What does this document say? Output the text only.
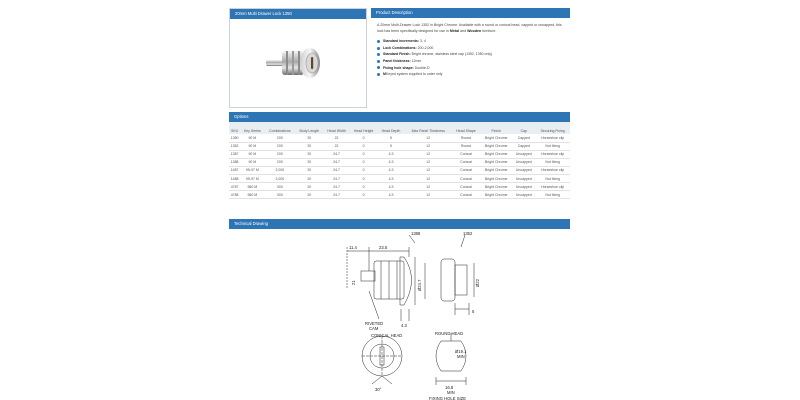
20mm Multi Drawer Lock 1350	Product Description

A 20mm Multi-Drawer Lock 1352 in Bright Chrome. Available with a round or conical head, capped or uncapped, this lock has been specifically designed for use in Metal and Wooden furniture.

Standard increments: 3, 4
Lock Combinations: 200-2,000
Standard Finish: Bright chrome, stainless steel cap (1352, 1350 only)
Panel thickness: 12mm
Fixing hole shape: Double-D
MKeyed system supplied to order only
Options
SKU	Key Series	Combinations	Body Length	Head Width	Head Height	Head Depth	Max Panel Thickness	Head Shape	Finish	Cap	Securing Fixing
1350	90 M	200	20	22	0	5	12	Round	Bright Chrome	Capped	Horseshoe clip
1352	90 M	200	20	22	0	5	12	Round	Bright Chrome	Capped	Nut fixing
1387	90 M	200	20	24.7	0	4.3	12	Conical	Bright Chrome	Uncapped	Horseshoe clip
1388	90 M	200	20	24.7	0	4.3	12	Conical	Bright Chrome	Uncapped	Nut fixing
1487	95-97 M	2,000	20	24.7	0	4.3	12	Conical	Bright Chrome	Uncapped	Horseshoe clip
1488	95-97 M	2,000	20	24.7	0	4.3	12	Conical	Bright Chrome	Uncapped	Nut fixing
4787	980 M	300	20	24.7	0	4.3	12	Conical	Bright Chrome	Uncapped	Horseshoe clip
4788	980 M	300	20	24.7	0	4.3	12	Conical	Bright Chrome	Uncapped	Nut fixing
Technical Drawing
11.4	23.5
1388	1352
21	Ø24.7	Ø22
4.3
5
RIVETED
CAM
CONICAL HEAD	ROUND HEAD
Ø19.1
MIN
16.8
MIN
30°
FIXING HOLE SIZE
